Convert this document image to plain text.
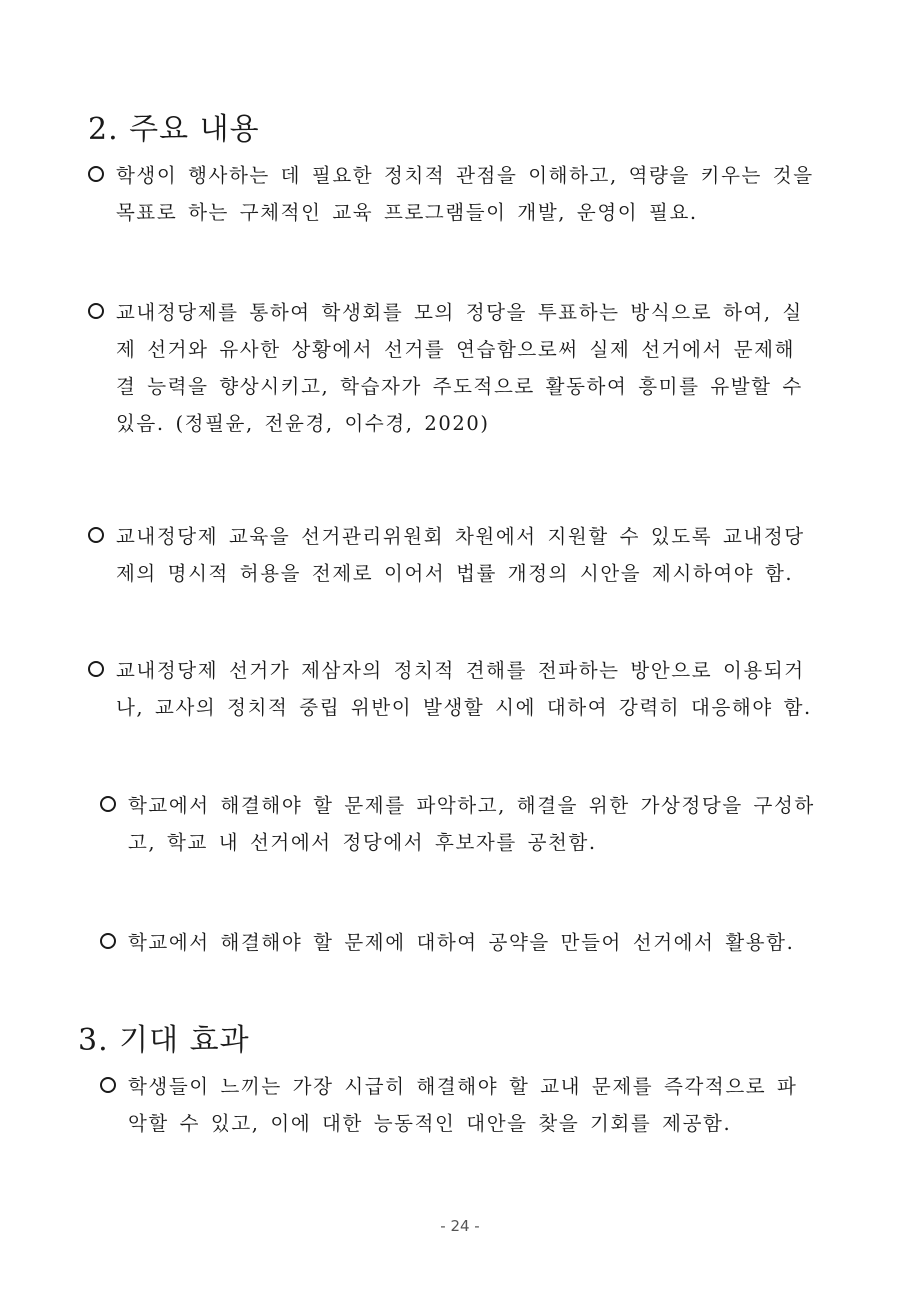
2. 주요 내용

학생이 행사하는 데 필요한 정치적 관점을 이해하고, 역량을 키우는 것을
목표로 하는 구체적인 교육 프로그램들이 개발, 운영이 필요.

교내정당제를 통하여 학생회를 모의 정당을 투표하는 방식으로 하여, 실
제 선거와 유사한 상황에서 선거를 연습함으로써 실제 선거에서 문제해
결 능력을 향상시키고, 학습자가 주도적으로 활동하여 흥미를 유발할 수
있음. (정필윤, 전윤경, 이수경, 2020)

교내정당제 교육을 선거관리위원회 차원에서 지원할 수 있도록 교내정당
제의 명시적 허용을 전제로 이어서 법률 개정의 시안을 제시하여야 함.

교내정당제 선거가 제삼자의 정치적 견해를 전파하는 방안으로 이용되거
나, 교사의 정치적 중립 위반이 발생할 시에 대하여 강력히 대응해야 함.

학교에서 해결해야 할 문제를 파악하고, 해결을 위한 가상정당을 구성하
고, 학교 내 선거에서 정당에서 후보자를 공천함.

학교에서 해결해야 할 문제에 대하여 공약을 만들어 선거에서 활용함.

3. 기대 효과

학생들이 느끼는 가장 시급히 해결해야 할 교내 문제를 즉각적으로 파
악할 수 있고, 이에 대한 능동적인 대안을 찾을 기회를 제공함.

- 24 -
